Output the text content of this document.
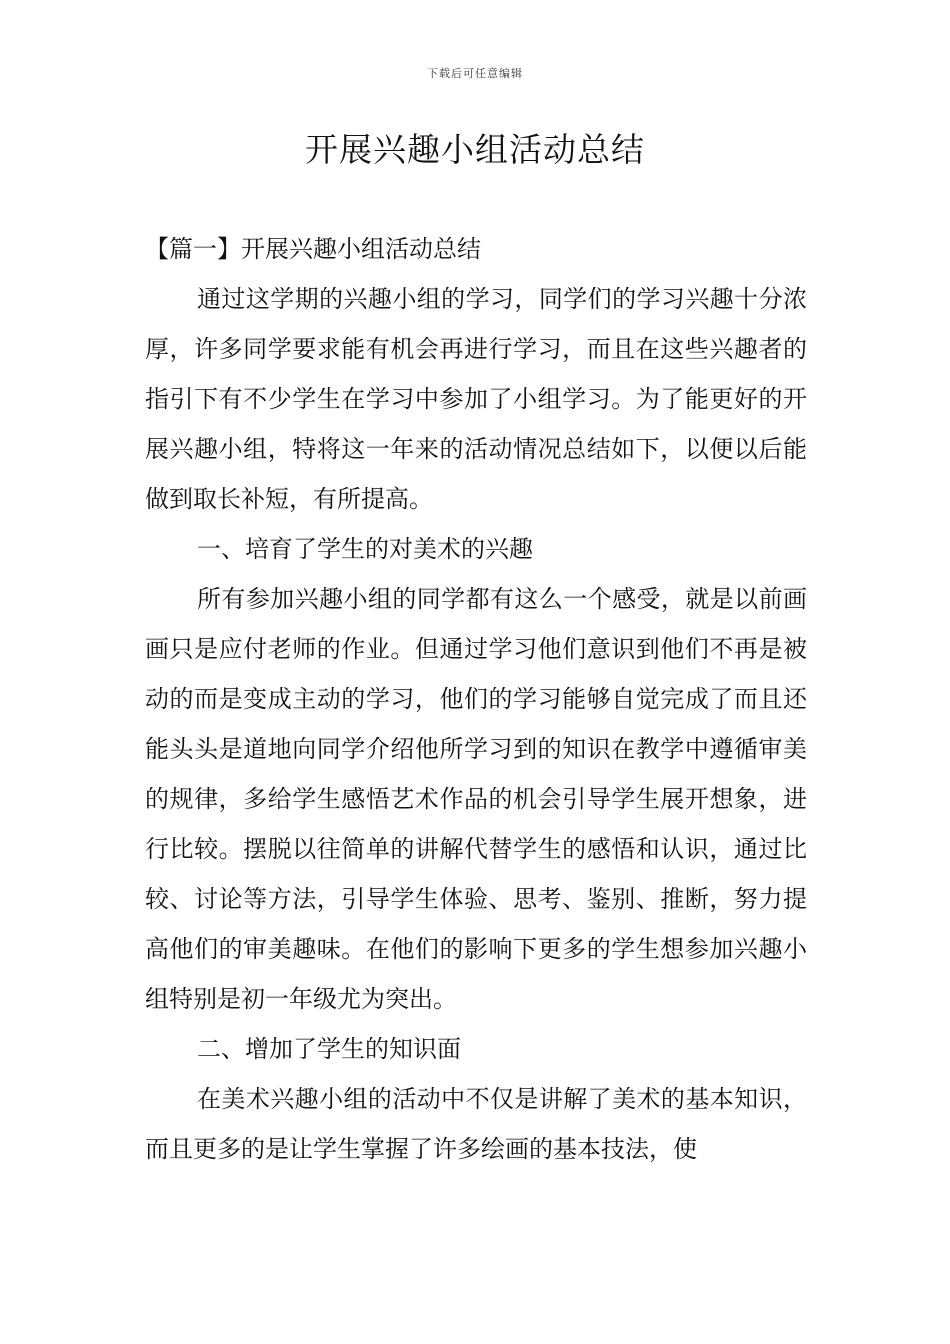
下载后可任意编辑
开展兴趣小组活动总结

【篇一】开展兴趣小组活动总结

通过这学期的兴趣小组的学习，同学们的学习兴趣十分浓厚，许多同学要求能有机会再进行学习，而且在这些兴趣者的指引下有不少学生在学习中参加了小组学习。为了能更好的开展兴趣小组，特将这一年来的活动情况总结如下，以便以后能做到取长补短，有所提高。

一、培育了学生的对美术的兴趣

所有参加兴趣小组的同学都有这么一个感受，就是以前画画只是应付老师的作业。但通过学习他们意识到他们不再是被动的而是变成主动的学习，他们的学习能够自觉完成了而且还能头头是道地向同学介绍他所学习到的知识在教学中遵循审美的规律，多给学生感悟艺术作品的机会引导学生展开想象，进行比较。摆脱以往简单的讲解代替学生的感悟和认识，通过比较、讨论等方法，引导学生体验、思考、鉴别、推断，努力提高他们的审美趣味。在他们的影响下更多的学生想参加兴趣小组特别是初一年级尤为突出。

二、增加了学生的知识面

在美术兴趣小组的活动中不仅是讲解了美术的基本知识，而且更多的是让学生掌握了许多绘画的基本技法，使
